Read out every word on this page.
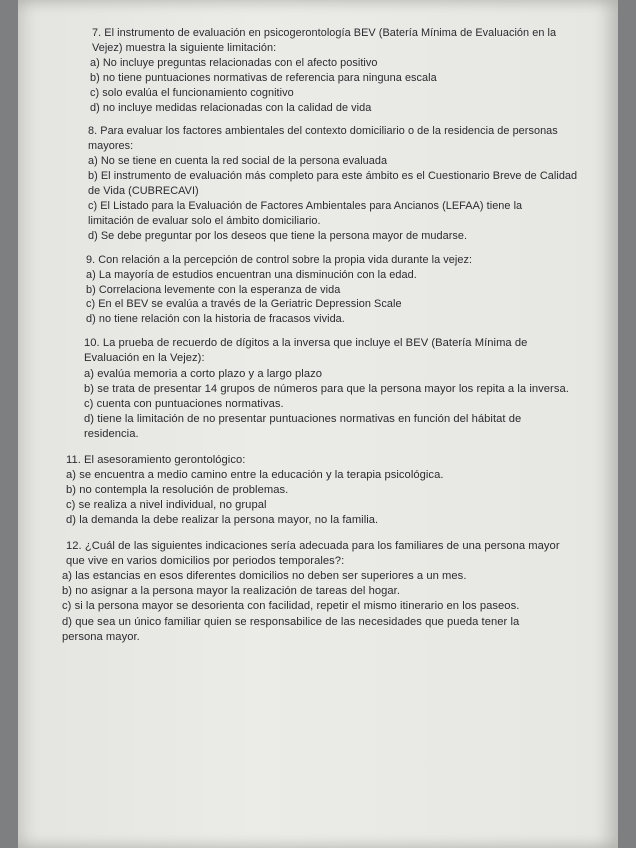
7. El instrumento de evaluación en psicogerontología BEV (Batería Mínima de Evaluación en la Vejez) muestra la siguiente limitación:

a) No incluye preguntas relacionadas con el afecto positivo

b) no tiene puntuaciones normativas de referencia para ninguna escala

c) solo evalúa el funcionamiento cognitivo

d) no incluye medidas relacionadas con la calidad de vida

8. Para evaluar los factores ambientales del contexto domiciliario o de la residencia de personas mayores:

a) No se tiene en cuenta la red social de la persona evaluada

b) El instrumento de evaluación más completo para este ámbito es el Cuestionario Breve de Calidad de Vida (CUBRECAVI)

c) El Listado para la Evaluación de Factores Ambientales para Ancianos (LEFAA) tiene la limitación de evaluar solo el ámbito domiciliario.

d) Se debe preguntar por los deseos que tiene la persona mayor de mudarse.

9. Con relación a la percepción de control sobre la propia vida durante la vejez:

a) La mayoría de estudios encuentran una disminución con la edad.

b) Correlaciona levemente con la esperanza de vida

c) En el BEV se evalúa a través de la Geriatric Depression Scale

d) no tiene relación con la historia de fracasos vivida.

10. La prueba de recuerdo de dígitos a la inversa que incluye el BEV (Batería Mínima de Evaluación en la Vejez):

a) evalúa memoria a corto plazo y a largo plazo

b) se trata de presentar 14 grupos de números para que la persona mayor los repita a la inversa.

c) cuenta con puntuaciones normativas.

d) tiene la limitación de no presentar puntuaciones normativas en función del hábitat de residencia.

11. El asesoramiento gerontológico:

a) se encuentra a medio camino entre la educación y la terapia psicológica.

b) no contempla la resolución de problemas.

c) se realiza a nivel individual, no grupal

d) la demanda la debe realizar la persona mayor, no la familia.

12. ¿Cuál de las siguientes indicaciones sería adecuada para los familiares de una persona mayor que vive en varios domicilios por periodos temporales?:

a) las estancias en esos diferentes domicilios no deben ser superiores a un mes.

b) no asignar a la persona mayor la realización de tareas del hogar.

c) si la persona mayor se desorienta con facilidad, repetir el mismo itinerario en los paseos.

d) que sea un único familiar quien se responsabilice de las necesidades que pueda tener la persona mayor.
